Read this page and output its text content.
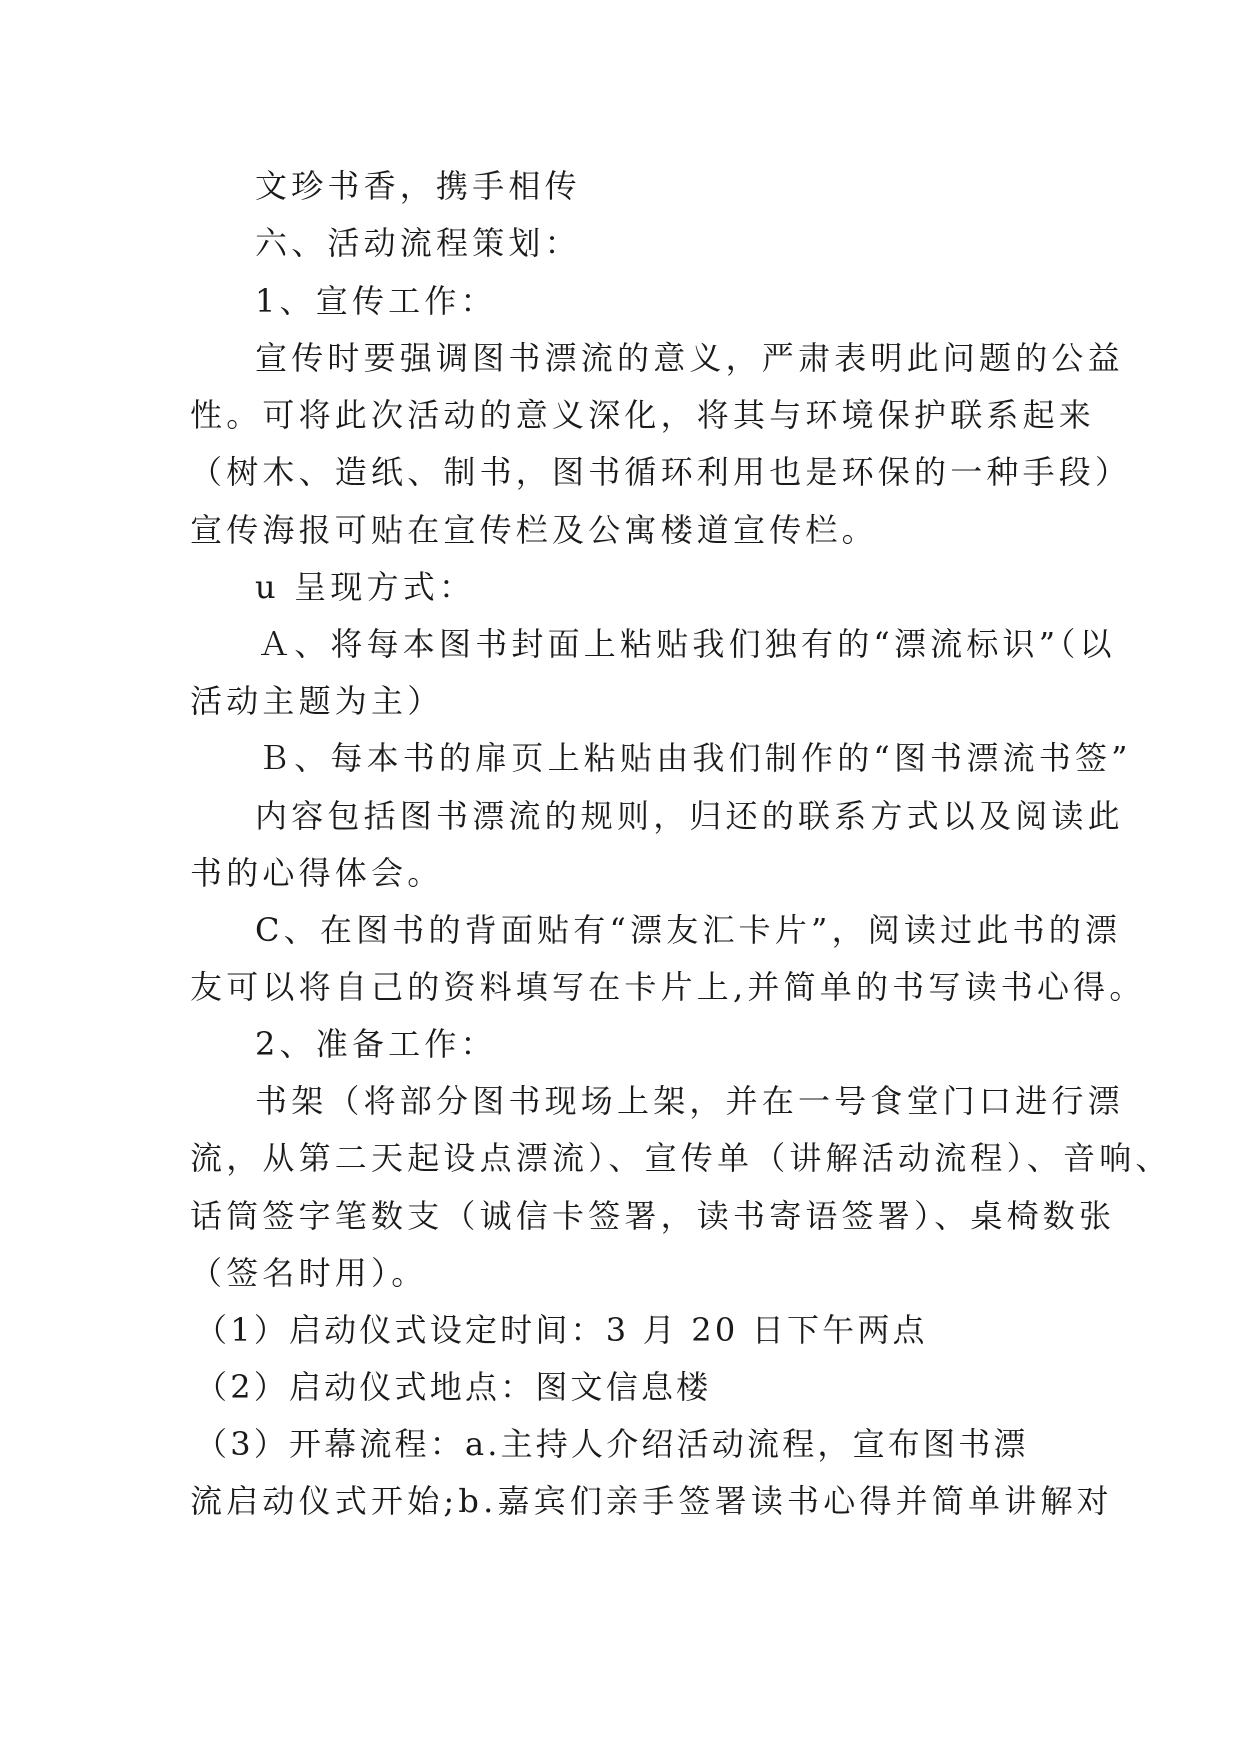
文珍书香，携手相传
六、活动流程策划：
1、宣传工作：
宣传时要强调图书漂流的意义，严肃表明此问题的公益
性。可将此次活动的意义深化，将其与环境保护联系起来
（树木、造纸、制书，图书循环利用也是环保的一种手段）
宣传海报可贴在宣传栏及公寓楼道宣传栏。
u 呈现方式：
Ａ、将每本图书封面上粘贴我们独有的“漂流标识”（以
活动主题为主）
Ｂ、每本书的扉页上粘贴由我们制作的“图书漂流书签”
内容包括图书漂流的规则，归还的联系方式以及阅读此
书的心得体会。
C、在图书的背面贴有“漂友汇卡片”，阅读过此书的漂
友可以将自己的资料填写在卡片上,并简单的书写读书心得。
2、准备工作：
书架（将部分图书现场上架，并在一号食堂门口进行漂
流，从第二天起设点漂流）、宣传单（讲解活动流程）、音响、
话筒签字笔数支（诚信卡签署，读书寄语签署）、桌椅数张
（签名时用）。
（1）启动仪式设定时间：3 月 20 日下午两点
（2）启动仪式地点：图文信息楼
（3）开幕流程：a.主持人介绍活动流程，宣布图书漂
流启动仪式开始;b.嘉宾们亲手签署读书心得并简单讲解对
